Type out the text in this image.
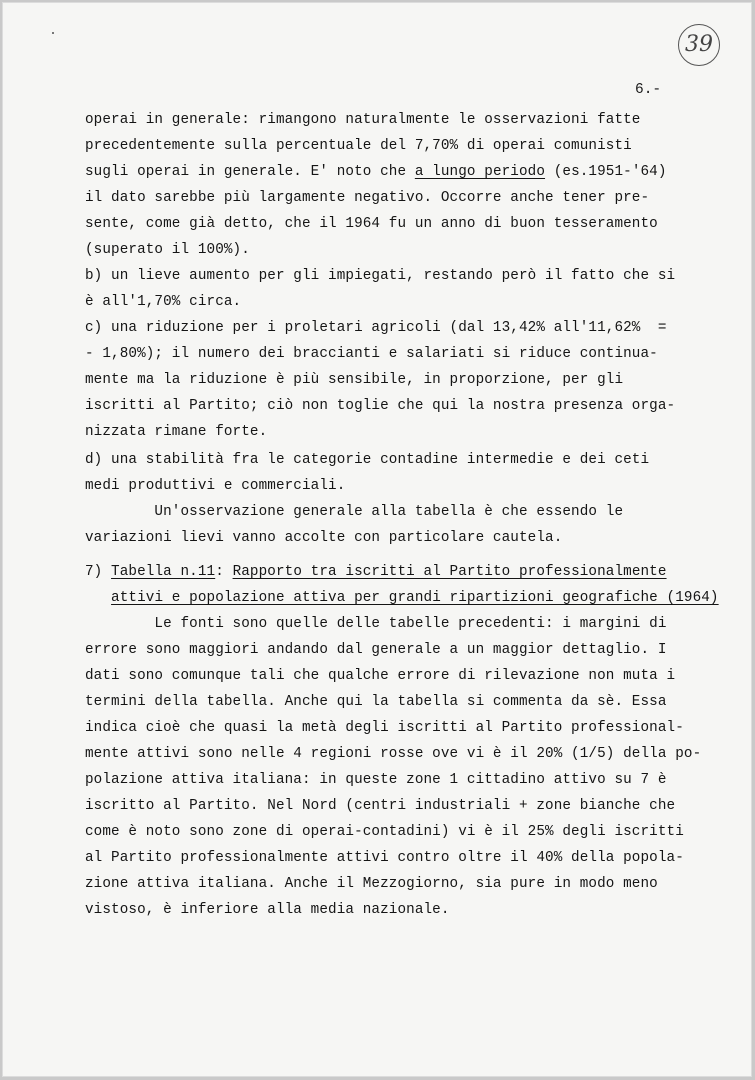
39
6.-
operai in generale: rimangono naturalmente le osservazioni fatte
precedentemente sulla percentuale del 7,70% di operai comunisti
sugli operai in generale. E' noto che a lungo periodo (es.1951-'64)
il dato sarebbe più largamente negativo. Occorre anche tener pre-
sente, come già detto, che il 1964 fu un anno di buon tesseramento
(superato il 100%).
b) un lieve aumento per gli impiegati, restando però il fatto che si
è all'1,70% circa.
c) una riduzione per i proletari agricoli (dal 13,42% all'11,62%  =
- 1,80%); il numero dei braccianti e salariati si riduce continua-
mente ma la riduzione è più sensibile, in proporzione, per gli
iscritti al Partito; ciò non toglie che qui la nostra presenza orga-
nizzata rimane forte.
d) una stabilità fra le categorie contadine intermedie e dei ceti
medi produttivi e commerciali.
Un'osservazione generale alla tabella è che essendo le
variazioni lievi vanno accolte con particolare cautela.
7) Tabella n.11: Rapporto tra iscritti al Partito professionalmente
attivi e popolazione attiva per grandi ripartizioni geografiche (1964)
Le fonti sono quelle delle tabelle precedenti: i margini di
errore sono maggiori andando dal generale a un maggior dettaglio. I
dati sono comunque tali che qualche errore di rilevazione non muta i
termini della tabella. Anche qui la tabella si commenta da sè. Essa
indica cioè che quasi la metà degli iscritti al Partito professional-
mente attivi sono nelle 4 regioni rosse ove vi è il 20% (1/5) della po-
polazione attiva italiana: in queste zone 1 cittadino attivo su 7 è
iscritto al Partito. Nel Nord (centri industriali + zone bianche che
come è noto sono zone di operai-contadini) vi è il 25% degli iscritti
al Partito professionalmente attivi contro oltre il 40% della popola-
zione attiva italiana. Anche il Mezzogiorno, sia pure in modo meno
vistoso, è inferiore alla media nazionale.
